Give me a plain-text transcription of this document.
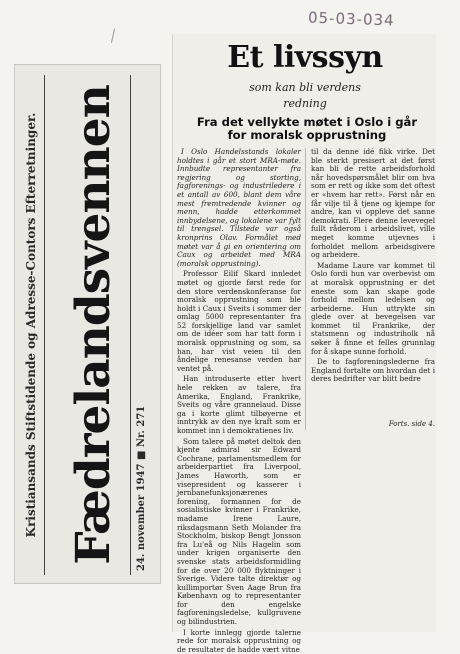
I
05-03-034
Kristiansands Stiftstidende og Adresse-Contors Efterretninger. Fædrelandsvennen 24. november 1947 ■ Nr. 271
Et livssyn
som kan bli verdens
redning
Fra det vellykte møtet i Oslo i går for moralsk opprustning

I Oslo Handelsstands lokaler holdtes i går et stort MRA-møte. Innbudte representanter fra regjering og storting, fagforenings- og industriledere i et antall av 600, blant dem våre mest fremtredende kvinner og menn, hadde etterkommet innbydelsene, og lokalene var fylt til trengsel. Tilstede var også kronprins Olav. Formålet med møtet var å gi en orientering om Caux og arbeidet med MRA (moralsk opprustning).

Professor Eilif Skard innledet møtet og gjorde først rede for den store verdenskonferanse for moralsk opprustning som ble holdt i Caux i Sveits i sommer der omlag 5000 representanter fra 52 forskjellige land var samlet om de idéer som har tatt form i moralsk opprustning og som, sa han, har vist veien til den åndelige renesanse verden har ventet på.

Han introduserte etter hvert hele rekken av talere, fra Amerika, England, Frankrike, Sveits og våre grannelaud. Disse ga i korte glimt tilbøyerne et inntrykk av den nye kraft som er kommet inn i demokratienes liv.

Som talere på møtet deltok den kjente admiral sir Edward Cochrane, parlamentsmedlem for arbeiderpartiet fra Liverpool, James Haworth, som er visepresident og kasserer i jernbanefunksjonærenes forening, formannen for de sosialistiske kvinner i Frankrike, madame Irene Laure, riksdagsmann Seth Molander fra Stockholm, biskop Bengt Jonsson fra Lu'eå og Nils Hagelin som under krigen organiserte den svenske stats arbeidsformidling for de over 20 000 flyktninger i Sverige. Videre talte direktør og kullimportør Sven Aage Brun fra København og to representanter for den engelske fagforeningsledelse, kullgruvene og bilindustrien.

I korte innlegg gjorde talerne rede for moralsk opprustning og de resultater de hadde vært vitne

til da denne idé fikk virke. Det ble sterkt presisert at det først kan bli de rette arbeidsforhold når hovedspørsmålet blir om hva som er rett og ikke som det oftest er «hvem har rett». Først når en får vilje til å tjene og kjempe for andre, kan vi oppleve det sanne demokrati. Flere denne levevegel fullt råderom i arbeidslivet, ville meget komme utjevnes i forholdet mellom arbeidsgivere og arbeidere.

Madame Laure var kommet til Oslo fordi hun var overbevist om at moralsk opprustning er det eneste som kan skape gode forhold mellom ledelsen og arbeiderne. Hun uttrykte sin glede over at bevegelsen var kommet til Frankrike, der statsmenn og industriholk nå søker å finne et felles grunnlag for å skape sunne forhold.

De to fagforeningslederne fra England fortalte om hvordan det i deres bedrifter var blitt bedre

Forts. side 4.
